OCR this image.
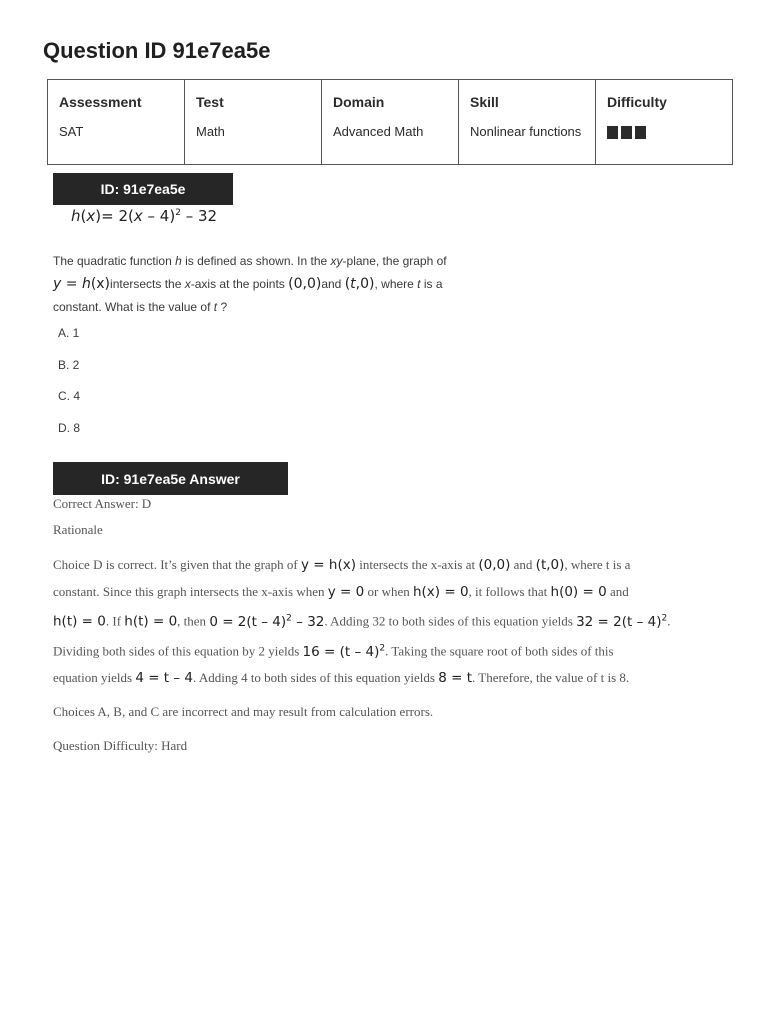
Question ID 91e7ea5e
Assessment	Test	Domain	Skill	Difficulty
SAT	Math	Advanced Math	Nonlinear functions	
ID: 91e7ea5e
h(x)= 2(x – 4)$^2$ – 32
The quadratic function h is defined as shown. In the xy-plane, the graph of
y = h(x)intersects the x-axis at the points (0,0)and (t,0), where t is a
constant. What is the value of t ?
A. 1
B. 2
C. 4
D. 8
ID: 91e7ea5e Answer
Correct Answer: D
Rationale
Choice D is correct. It’s given that the graph of y = h(x) intersects the x-axis at (0,0) and (t,0), where t is a
constant. Since this graph intersects the x-axis when y = 0 or when h(x) = 0, it follows that h(0) = 0 and
h(t) = 0. If h(t) = 0, then 0 = 2(t – 4)$^2$ – 32. Adding 32 to both sides of this equation yields 32 = 2(t – 4)$^2$.
Dividing both sides of this equation by 2 yields 16 = (t – 4)$^2$. Taking the square root of both sides of this
equation yields 4 = t – 4. Adding 4 to both sides of this equation yields 8 = t. Therefore, the value of t is 8.
Choices A, B, and C are incorrect and may result from calculation errors.
Question Difficulty: Hard
